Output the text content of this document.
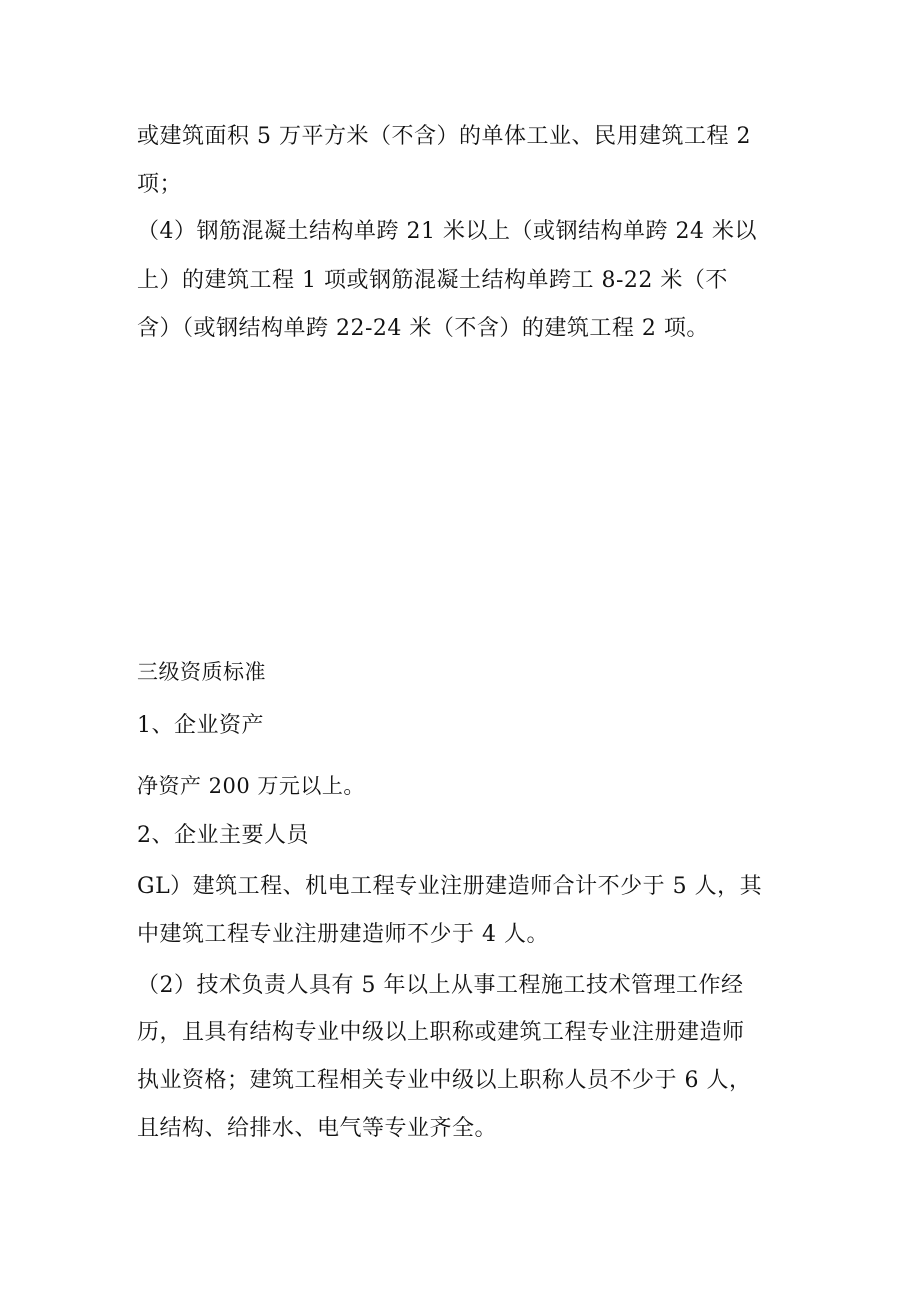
或建筑面积 5 万平方米（不含）的单体工业、民用建筑工程 2
项；
（4）钢筋混凝土结构单跨 21 米以上（或钢结构单跨 24 米以
上）的建筑工程 1 项或钢筋混凝土结构单跨工 8-22 米（不
含）（或钢结构单跨 22-24 米（不含）的建筑工程 2 项。
三级资质标准
1、企业资产
净资产 200 万元以上。
2、企业主要人员
GL）建筑工程、机电工程专业注册建造师合计不少于 5 人，其
中建筑工程专业注册建造师不少于 4 人。
（2）技术负责人具有 5 年以上从事工程施工技术管理工作经
历，且具有结构专业中级以上职称或建筑工程专业注册建造师
执业资格；建筑工程相关专业中级以上职称人员不少于 6 人，
且结构、给排水、电气等专业齐全。
